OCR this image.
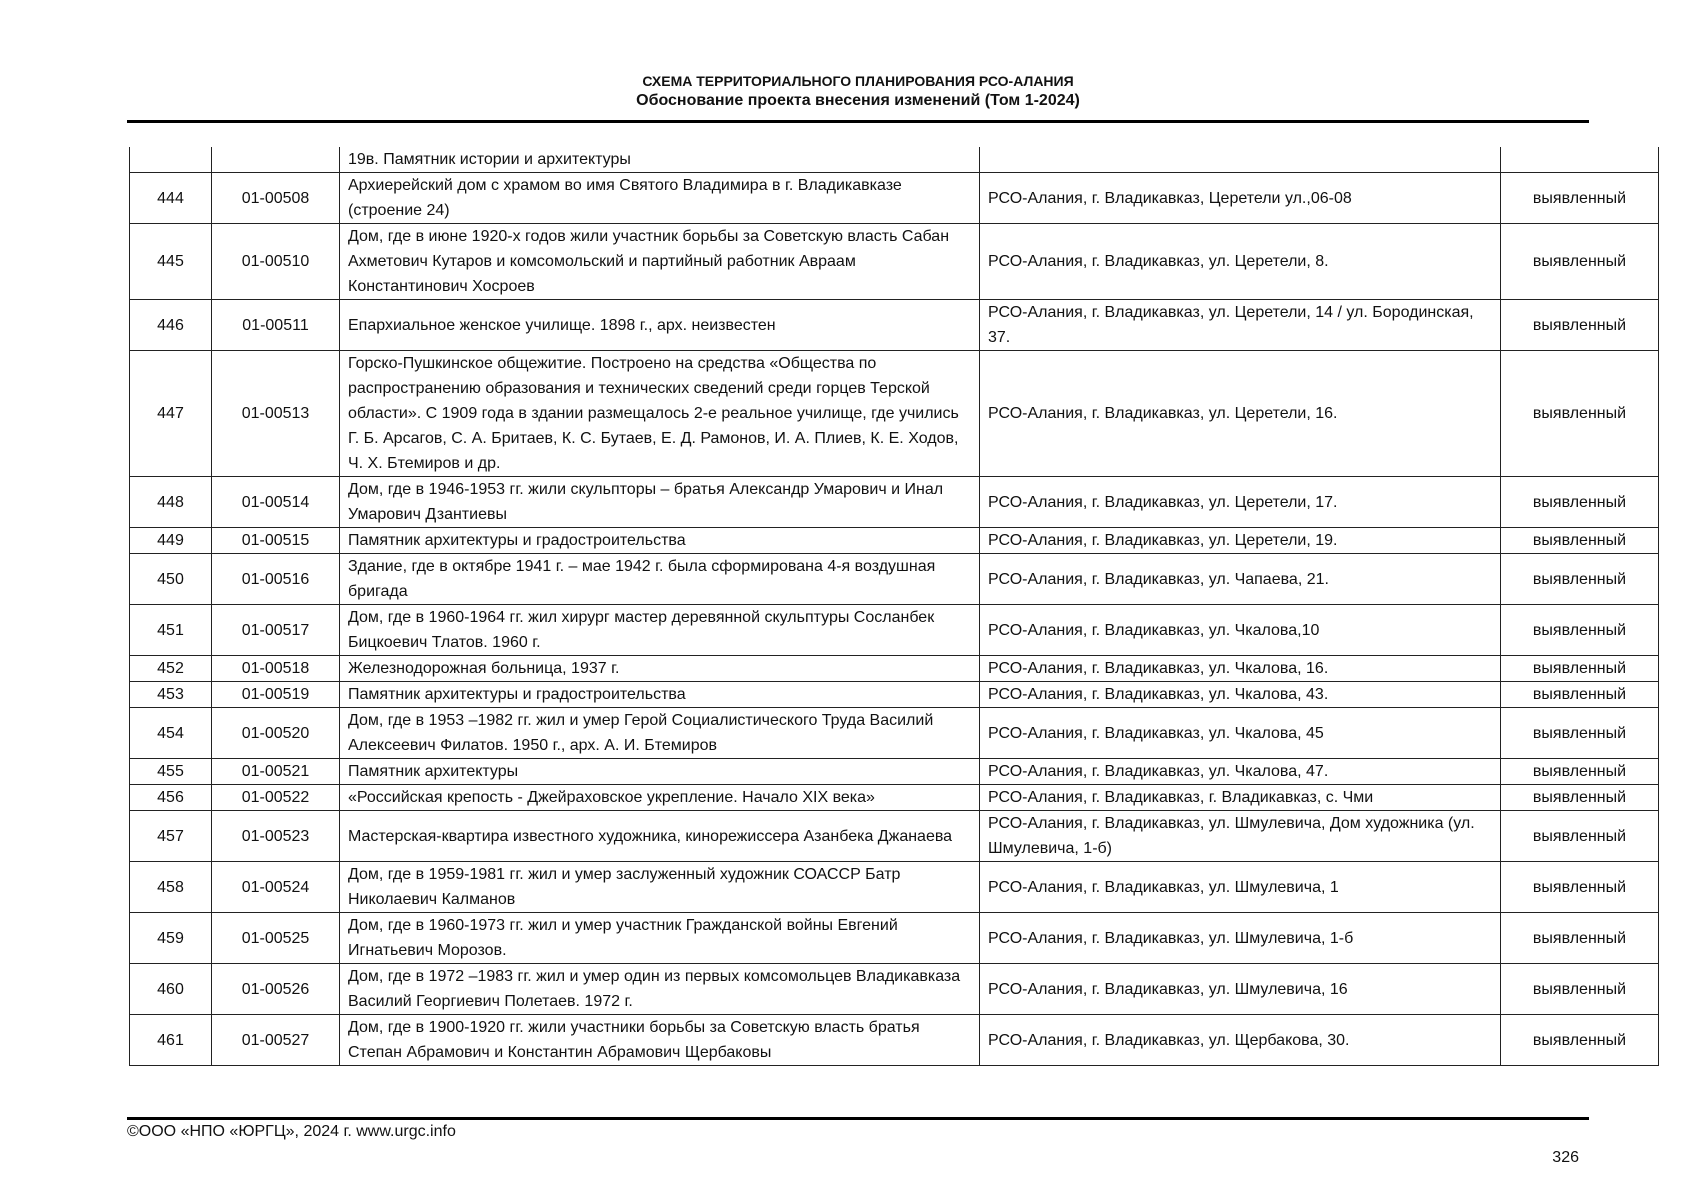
СХЕМА ТЕРРИТОРИАЛЬНОГО ПЛАНИРОВАНИЯ РСО-АЛАНИЯ
Обоснование проекта внесения изменений (Том 1-2024)
		19в. Памятник истории и архитектуры		
444	01-00508	Архиерейский дом с храмом во имя Святого Владимира в г. Владикавказе (строение 24)	РСО-Алания, г. Владикавказ, Церетели ул.,06-08	выявленный
445	01-00510	Дом, где в июне 1920-х годов жили участник борьбы за Советскую власть Сабан Ахметович Кутаров и комсомольский и партийный работник Авраам Константинович Хосроев	РСО-Алания, г. Владикавказ, ул. Церетели, 8.	выявленный
446	01-00511	Епархиальное женское училище. 1898 г., арх. неизвестен	РСО-Алания, г. Владикавказ, ул. Церетели, 14 / ул. Бородинская, 37.	выявленный
447	01-00513	Горско-Пушкинское общежитие. Построено на средства «Общества по распространению образования и технических сведений среди горцев Терской области». С 1909 года в здании размещалось 2-е реальное училище, где учились Г. Б. Арсагов, С. А. Бритаев, К. С. Бутаев, Е. Д. Рамонов, И. А. Плиев, К. Е. Ходов, Ч. Х. Бтемиров и др.	РСО-Алания, г. Владикавказ, ул. Церетели, 16.	выявленный
448	01-00514	Дом, где в 1946-1953 гг. жили скульпторы – братья Александр Умарович и Инал Умарович Дзантиевы	РСО-Алания, г. Владикавказ, ул. Церетели, 17.	выявленный
449	01-00515	Памятник архитектуры и градостроительства	РСО-Алания, г. Владикавказ, ул. Церетели, 19.	выявленный
450	01-00516	Здание, где в октябре 1941 г. – мае 1942 г. была сформирована 4-я воздушная бригада	РСО-Алания, г. Владикавказ, ул. Чапаева, 21.	выявленный
451	01-00517	Дом, где в 1960-1964 гг. жил хирург мастер деревянной скульптуры Сосланбек Бицкоевич Тлатов. 1960 г.	РСО-Алания, г. Владикавказ, ул. Чкалова,10	выявленный
452	01-00518	Железнодорожная больница, 1937 г.	РСО-Алания, г. Владикавказ, ул. Чкалова, 16.	выявленный
453	01-00519	Памятник архитектуры и градостроительства	РСО-Алания, г. Владикавказ, ул. Чкалова, 43.	выявленный
454	01-00520	Дом, где в 1953 –1982 гг. жил и умер Герой Социалистического Труда Василий Алексеевич Филатов. 1950 г., арх. А. И. Бтемиров	РСО-Алания, г. Владикавказ, ул. Чкалова, 45	выявленный
455	01-00521	Памятник архитектуры	РСО-Алания, г. Владикавказ, ул. Чкалова, 47.	выявленный
456	01-00522	«Российская крепость - Джейраховское укрепление. Начало XIX века»	РСО-Алания, г. Владикавказ, г. Владикавказ, с. Чми	выявленный
457	01-00523	Мастерская-квартира известного художника, кинорежиссера Азанбека Джанаева	РСО-Алания, г. Владикавказ, ул. Шмулевича, Дом художника (ул. Шмулевича, 1-б)	выявленный
458	01-00524	Дом, где в 1959-1981 гг. жил и умер заслуженный художник СОАССР Батр Николаевич Калманов	РСО-Алания, г. Владикавказ, ул. Шмулевича, 1	выявленный
459	01-00525	Дом, где в 1960-1973 гг. жил и умер участник Гражданской войны Евгений Игнатьевич Морозов.	РСО-Алания, г. Владикавказ, ул. Шмулевича, 1-б	выявленный
460	01-00526	Дом, где в 1972 –1983 гг. жил и умер один из первых комсомольцев Владикавказа Василий Георгиевич Полетаев. 1972 г.	РСО-Алания, г. Владикавказ, ул. Шмулевича, 16	выявленный
461	01-00527	Дом, где в 1900-1920 гг. жили участники борьбы за Советскую власть братья Степан Абрамович и Константин Абрамович Щербаковы	РСО-Алания, г. Владикавказ, ул. Щербакова, 30.	выявленный
©ООО «НПО «ЮРГЦ», 2024 г. www.urgc.info
326
